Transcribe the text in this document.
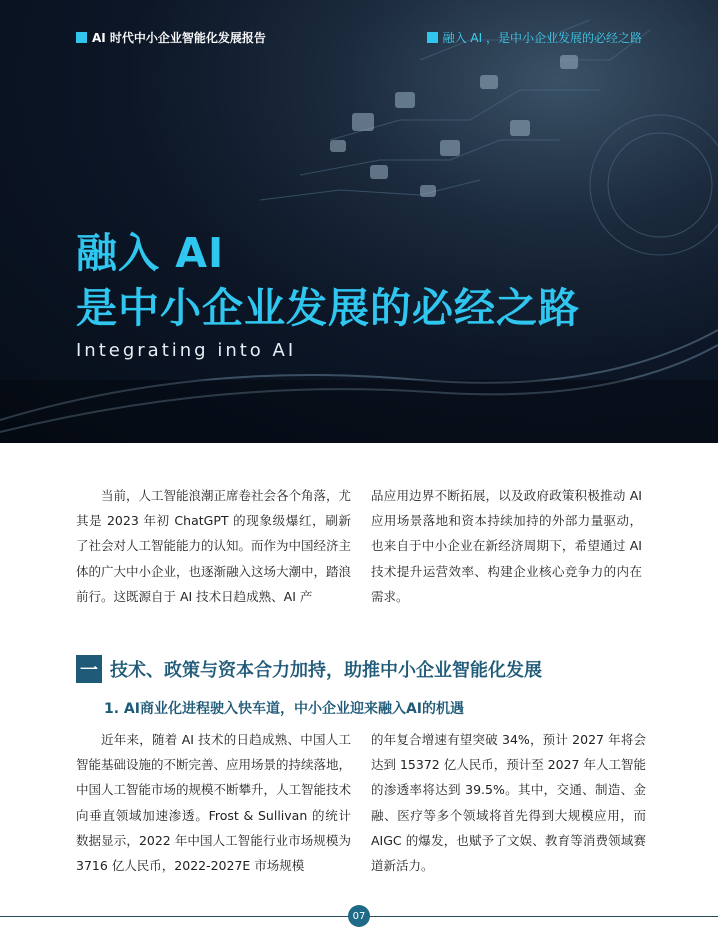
AI 时代中小企业智能化发展报告	融入 AI ，是中小企业发展的必经之路
融入 AI
是中小企业发展的必经之路
Integrating into AI

当前，人工智能浪潮正席卷社会各个角落，尤其是 2023 年初 ChatGPT 的现象级爆红，刷新了社会对人工智能能力的认知。而作为中国经济主体的广大中小企业，也逐渐融入这场大潮中，踏浪前行。这既源自于 AI 技术日趋成熟、AI 产

品应用边界不断拓展，以及政府政策积极推动 AI 应用场景落地和资本持续加持的外部力量驱动，也来自于中小企业在新经济周期下，希望通过 AI 技术提升运营效率、构建企业核心竞争力的内在需求。

一 技术、政策与资本合力加持，助推中小企业智能化发展
1. AI商业化进程驶入快车道，中小企业迎来融入AI的机遇

近年来，随着 AI 技术的日趋成熟、中国人工智能基础设施的不断完善、应用场景的持续落地，中国人工智能市场的规模不断攀升，人工智能技术向垂直领域加速渗透。Frost & Sullivan 的统计数据显示，2022 年中国人工智能行业市场规模为 3716 亿人民币，2022-2027E 市场规模

的年复合增速有望突破 34%，预计 2027 年将会达到 15372 亿人民币，预计至 2027 年人工智能的渗透率将达到 39.5%。其中，交通、制造、金融、医疗等多个领域将首先得到大规模应用，而 AIGC 的爆发，也赋予了文娱、教育等消费领域赛道新活力。

07
